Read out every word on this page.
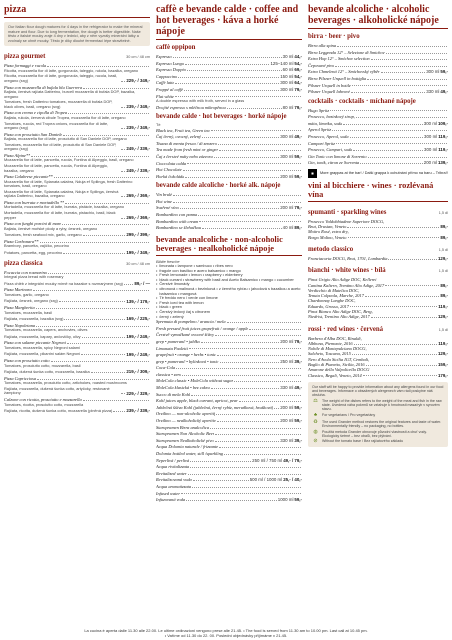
pizza
Our Italian flour dough matures for 4 days in the refrigerator to make the mineral mature and flour. Due to long fermentation, the dough is better digestible. Naše těsto z italské mouky zraje 4 dny v lednici, aby z něm vyzrály minerální látky a zvolnaly se ohně mouky. Těsto je díky dlouhé fermentaci lépe stravitelné.
pizza gourmet	30 cm / 48 cm
Pizza formaggi e rucola
Ricotta, mozzarella fior di latte, gorgonzola, taleggio, rukola, bazalka, oregano
Ricotta, mozzarella fior di latte, gorgonzola, taleggio, rucola, basil, oregano (sxg)	229,- / 349,-
Pizza con mozzarella di bufala blu Guerrera
Bajlata, čerstvá rajčata Datterino, burcell mozzarella di bufala DOP, bazalka, oregano
Tomatoes, fresh Datterino tomatoes, mozzarella di bufala DOP, black olives, basil, oregano (sxg)	239,- / 349,-
Pizza con crema e cipolla di Tropea
Bajlata, rukola, červená cibule Tropea, mozzarella fior di latte, oregano
Tomatoes, rucola, red Tropea onions, mozzarella fior di latte, oregano (sxg)	239,- / 349,-
Pizza con prosciutto San Daniele
Bajlata, mozzarella fior di latte, prosciutto di San Daniele DOP, oregano
Tomatoes, mozzarella fior di latte, prosciutto di San Daniele DOP, oregano (sxg)	249,- / 339,-
Pizza Alpine**
Mozzarella fior di latte, pancetta, rucola, Fontina di Alpeggio, basil, oregano
Mozzarella fior di latte, pancetta, rucola, Fontina di Alpeggio, bazalka, oregano	249,- / 339,-
Pizza Calabrese piccante**
Mozzarella fior di latte, Spianata calabra, Nduja ef Spilinga, fresh Datterino tomatoes, basil, oregano
Mozzarella fior di latte, Spianata calabra, Nduja e Spilinga, čerstvá rajčata Datterino, bazalka, oregano	269,- / 369,-
Pizza con burrata e mortadella **
Mortadella, mozzarella fior di latte, burrata, pistácie, bazalka, oregano
Mortadella, mozzarella fior di latte, burrata, pistachio, basil, black pepper	269,- / 369,-
Pizza con funghi porcini di mare
Bajlata, čerstvé mořské plody a ryby, česnek, oregano
Tomatoes, fresh seafood mix, garlic, oregano	299,- / 399,-
Pizza Carbonara**
Brambory, pancetta, vajíčko, pecorino
Potatoes, pancetta, egg, pecorino	199,- / 349,-
pizza classica	30 cm / 48 cm
Focaccia con rosmarino
Integral pizza bread with rosemary
Pizza chléb z integrální mouky mírně na bazalce s rozmarýnem (sxg)	89,- / —
Pizza Marinara
Tomatoes, garlic, oregano
Rajčata, česnek, oregano (sxg)	139,- / 179,-
Pizza Margherita
Tomatoes, mozzarella, basil
Rajčata, mozzarella, bazalka (sxg)	169,- / 225,-
Pizza Napoletana
Tomatoes, mozzarella, capers, anchovies, olives
Rajčata, mozzarella, kapary, ančovičky, olivy	199,- / 249,-
Pizza con salame piccante Negroni
Tomatoes, mozzarella, spicy Negroni salami
Rajčata, mozzarella, pikantní salám Negroni	199,- / 249,-
Pizza con prosciutto cotto
Tomatoes, prosciutto cotto, mozzarella, basil
Rajčata, dušená šunka cotto, mozzarella, bazalka	219,- / 309,-
Pizza Capricciosa
Tomatoes, mozzarella, prosciutto cotto, artichokes, roasted mushrooms
Rajčata, mozzarella, dušená šunka cotto, artyčoky, restované žampiony	229,- / 329,-
Calzone con ricotta, prosciutto e mozzarella
Tomatoes, ricotta, prosciutto cotto, mozzarella
Rajčata, ricotta, dušená šunka cotto, mozzarella (plněná pizza)	239,- / 339,-
caffè e bevande calde · coffee and hot beverages · káva a horké nápoje
caffè oppipon
Espresso	30 ml 44,-
Espresso Lungo	125–140 ml 54,-
Espresso Doppio	60 ml 69,-
Cappuccino	150 ml 54,-
Caffè latte	300 ml 64,-
Frappé al caffè	300 ml 79,-
Flat white
A double espresso with milk froth, served in a glass
Dvojité espresso s mléčnou mikropěnou	80 ml 79,-
bevande calde · hot beverages · horké nápoje
Tè
Black tea, Fruit tea, Green tea
Čaj černý, ovocný, zelený	300 ml 49,-
Tisana di menta fresca / di zenzero
Tea made from fresh mint or ginger
Čaj z čerstvé máty nebo zázvoru	300 ml 59,-
Cioccolata calda
Hot Chocolate
Horká čokoláda	200 ml 59,-
bevande calde alcoliche · horké alk. nápoje
Vin brulé
Hot wine
Svařené víno	200 ml 79,-
Bombardino con panna
Bombardino with cream
Bombardino se šlehačkou	40 ml 89,-
bevande analcoliche · non-alcoholic beverages · nealkoholické nápoje
Bibite fresche
• limonata • lampone • sambuco • ribes nero
• fragole con basilico e acero balsamico • mango
• Fresh lemonade • lemon • raspberry • elderberry
• black currant • strawberry with basil and Aceto Balsamico • mango • cucumber
• Čerstvé limonády
• citronová • malinová • bezinková • z černého rybízu • jahodová s bazalkou a aceto balsamico • mangová
• Tè freddo nero / verde con limone
• Fresh iced tea with lemon
• black • green
• Čerstvý ledový čaj s citronem
• černý • zelený
Spremuta di pompelmo / arancia / mela
Fresh pressed fruit juices grapefruit / orange / apple
Čerstvě vymačkané ovocné šťávy
grep • pomeranč • jablko	200 ml 79,-
Limonata Paoletti
grapefruit • orange • herbs • tonic
grep • pomeranč • bylinková • tonic	250 ml 39,-
Coca-Cola
classica • zero
MoleCola classic • MoleCola without sugar
MoleCola klasická • bez cukru	330 ml 49,-
Succo di mela Kohl
Kohl juices apple, black currant, apricot, pear
Jablečná šťáva Kohl (jablečná, černý rybíz, meruňková, hrušková) 200 ml 59,-
Orzilino — non-alcoholic aperitif
Orzilino — nealkoholický aperitiv	200 ml 59,-
Staropramen Birra analcolica
Staropramen Non Alcoholic Beer
Staropramen Nealkoholické pivo	330 ml 39,-
Acqua Dolomia naturale / frizzante
Dolomia bottled water, still /sparkling
Neperlivá / perlivá	250 ml / 750 ml 49,- / 79,-
Acqua rivitalizzata
Revitalized water
Revitalizovaná voda	500 ml / 1000 ml 25,- / 40,-
Acqua aromatizzata
Infused water
Infuzovaná voda	1000 ml 59,-
bevande alcoliche · alcoholic beverages · alkoholické nápoje
birra · beer · pivo
Birra alla spina
Birra Leggenda 12° – Selezione di Smichov
Extra Hop 12° – Smíchov selection
Čepované pivo
Extra Chmelená 12° – Smíchovský výběr	300 ml 59,-
Birra Pilsner Urquell in bottiglia
Pilsner Urquell in bottle
Pilsner Urquell lahvové	330 ml 49,-
cocktails · cocktails · míchané nápoje
Hugo Spritz
Prosecco, bezinkový sirup,
máta, limetka, soda	300 ml 109,-
Aperol Spritz
Prosecco, Aperol, soda	300 ml 119,-
Campari Spritz
Prosecco, Campari, soda	300 ml 119,-
Gin Tonic con limone di Sorrento
Gin, tonik, citron ze Sorrenta	200 ml 139,-
More grappas at the bar! / Další grappa k ochutnání přímo na baru – Tribra!!
vini al bicchiere · wines · rozlévaná vína
spumanti · sparkling wines	1,5 dl
Prosecco Valdobbiadene Superiore DOCG,
Brut, Drusian, Veneto	89,-
Moitro Rosé, extra dry,
Borgo Molino, Veneto	89,-
metodo classico	1,5 dl
Franciacorta DOCG, Brut, 1701, Lombardia	129,-
bianchi · white wines · bílá	1,5 dl
Pinot Grigio Alto Adige DOC, Kellerei
Cantina Kaltern, Trentino Alto Adige, 2017	89,-
Verdicchio di Matelica DOC,
Tenuta Colpaola, Marche, 2017	89,-
Chardonnay Langhe DOC,
Eduardo, Grosso, 2017	119,-
Pinot Bianco Alto Adige DOC, Berg,
Niedrist, Trentino Alto Adige, 2017	129,-
rossi · red wines · červená	1,5 dl
Barbera d'Alba DOC, Rinaldi,
Albbona, Piemonte, 2016	119,-
Nobile di Montepulciano DOCG,
Salcheto, Toscana, 2015	129,-
Nero d'Avola Sicilia IGT, Cembali,
Baglio di Pianetto, Sicilia, 2016	159,-
Amarone della Valpolicella DOCG
Classico, Begali, Veneto, 2014	179,-
Our staff will be happy to provide information about any allergens found in our food and beverages. Informace o obsažených alergenech vám rádi poskytne náš obsluha.
⚖	The weight of the dishes refers to the weight of the meat and fish in the raw state. Uvedená váha pokrmů se vztahuje k hmotnosti masa/ryb v syrovém stavu.
♣	For vegetarians / Pro vegetariány
♻	The used Grander method restores the original features and taste of water. Environmentally friendly – no packaging, no bottles.
◍	Použitá metoda Grander obnovuje původní vlastnosti a chuť vody. Ekologicky šetrné – bez obalů, bez plýtvání.
⊘	Without the tomato base / Bez rajčatového základu
La cucina è aperta dalle 11.30 alle 22.00. Le ultime ordinazioni vengono prese alle 21.45. • The food is served from 11.30 am to 10.00 pm. Last call at 10.45 pm.
• Vaříme od 11.30 do 22. 00. Poslední objednávky přijímáme v 21.45.
